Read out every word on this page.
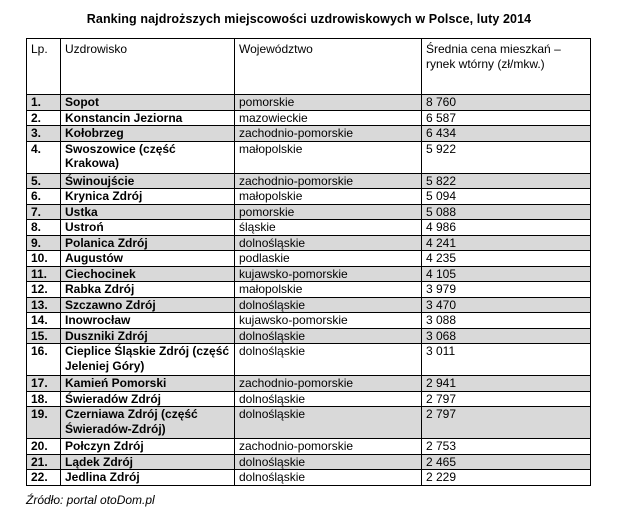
Ranking najdroższych miejscowości uzdrowiskowych w Polsce, luty 2014
Lp.	Uzdrowisko	Województwo	Średnia cena mieszkań – rynek wtórny (zł/mkw.)
1.	Sopot	pomorskie	8 760
2.	Konstancin Jeziorna	mazowieckie	6 587
3.	Kołobrzeg	zachodnio-pomorskie	6 434
4.	Swoszowice (część Krakowa)	małopolskie	5 922
5.	Świnoujście	zachodnio-pomorskie	5 822
6.	Krynica Zdrój	małopolskie	5 094
7.	Ustka	pomorskie	5 088
8.	Ustroń	śląskie	4 986
9.	Polanica Zdrój	dolnośląskie	4 241
10.	Augustów	podlaskie	4 235
11.	Ciechocinek	kujawsko-pomorskie	4 105
12.	Rabka Zdrój	małopolskie	3 979
13.	Szczawno Zdrój	dolnośląskie	3 470
14.	Inowrocław	kujawsko-pomorskie	3 088
15.	Duszniki Zdrój	dolnośląskie	3 068
16.	Cieplice Śląskie Zdrój (część Jeleniej Góry)	dolnośląskie	3 011
17.	Kamień Pomorski	zachodnio-pomorskie	2 941
18.	Świeradów Zdrój	dolnośląskie	2 797
19.	Czerniawa Zdrój (część Świeradów-Zdrój)	dolnośląskie	2 797
20.	Połczyn Zdrój	zachodnio-pomorskie	2 753
21.	Lądek Zdrój	dolnośląskie	2 465
22.	Jedlina Zdrój	dolnośląskie	2 229
Źródło: portal otoDom.pl
